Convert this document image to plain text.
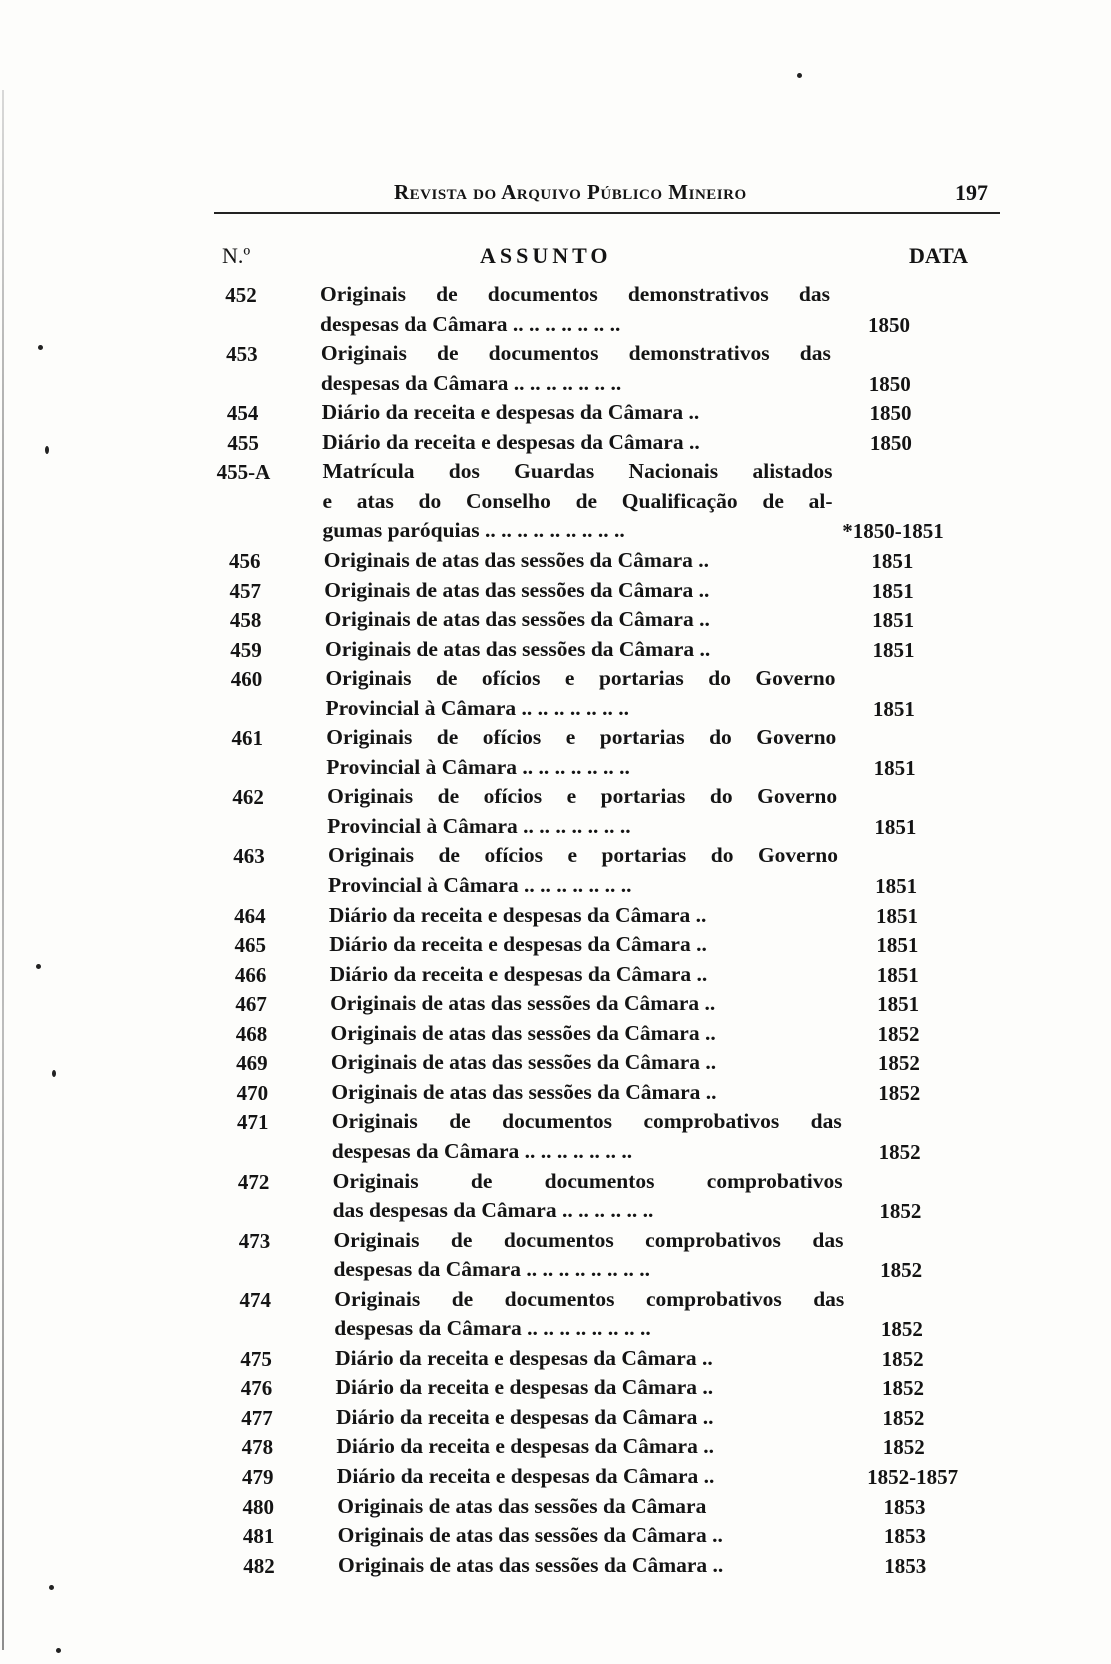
Revista do Arquivo Público Mineiro	197
N.º	ASSUNTO	DATA
452	Originais de documentos demonstrativos das
despesas da Câmara .. .. .. .. .. .. ..	1850
453	Originais de documentos demonstrativos das
despesas da Câmara .. .. .. .. .. .. ..	1850
454	Diário da receita e despesas da Câmara ..	1850
455	Diário da receita e despesas da Câmara ..	1850
455-A	Matrícula dos Guardas Nacionais alistados
e atas do Conselho de Qualificação de al-
gumas paróquias .. .. .. .. .. .. .. .. ..	*1850-1851
456	Originais de atas das sessões da Câmara ..	1851
457	Originais de atas das sessões da Câmara ..	1851
458	Originais de atas das sessões da Câmara ..	1851
459	Originais de atas das sessões da Câmara ..	1851
460	Originais de ofícios e portarias do Governo
Provincial à Câmara .. .. .. .. .. .. ..	1851
461	Originais de ofícios e portarias do Governo
Provincial à Câmara .. .. .. .. .. .. ..	1851
462	Originais de ofícios e portarias do Governo
Provincial à Câmara .. .. .. .. .. .. ..	1851
463	Originais de ofícios e portarias do Governo
Provincial à Câmara .. .. .. .. .. .. ..	1851
464	Diário da receita e despesas da Câmara ..	1851
465	Diário da receita e despesas da Câmara ..	1851
466	Diário da receita e despesas da Câmara ..	1851
467	Originais de atas das sessões da Câmara ..	1851
468	Originais de atas das sessões da Câmara ..	1852
469	Originais de atas das sessões da Câmara ..	1852
470	Originais de atas das sessões da Câmara ..	1852
471	Originais de documentos comprobativos das
despesas da Câmara .. .. .. .. .. .. ..	1852
472	Originais de documentos comprobativos
das despesas da Câmara .. .. .. .. .. ..	1852
473	Originais de documentos comprobativos das
despesas da Câmara .. .. .. .. .. .. .. ..	1852
474	Originais de documentos comprobativos das
despesas da Câmara .. .. .. .. .. .. .. ..	1852
475	Diário da receita e despesas da Câmara ..	1852
476	Diário da receita e despesas da Câmara ..	1852
477	Diário da receita e despesas da Câmara ..	1852
478	Diário da receita e despesas da Câmara ..	1852
479	Diário da receita e despesas da Câmara ..	1852-1857
480	Originais de atas das sessões da Câmara	1853
481	Originais de atas das sessões da Câmara ..	1853
482	Originais de atas das sessões da Câmara ..	1853
